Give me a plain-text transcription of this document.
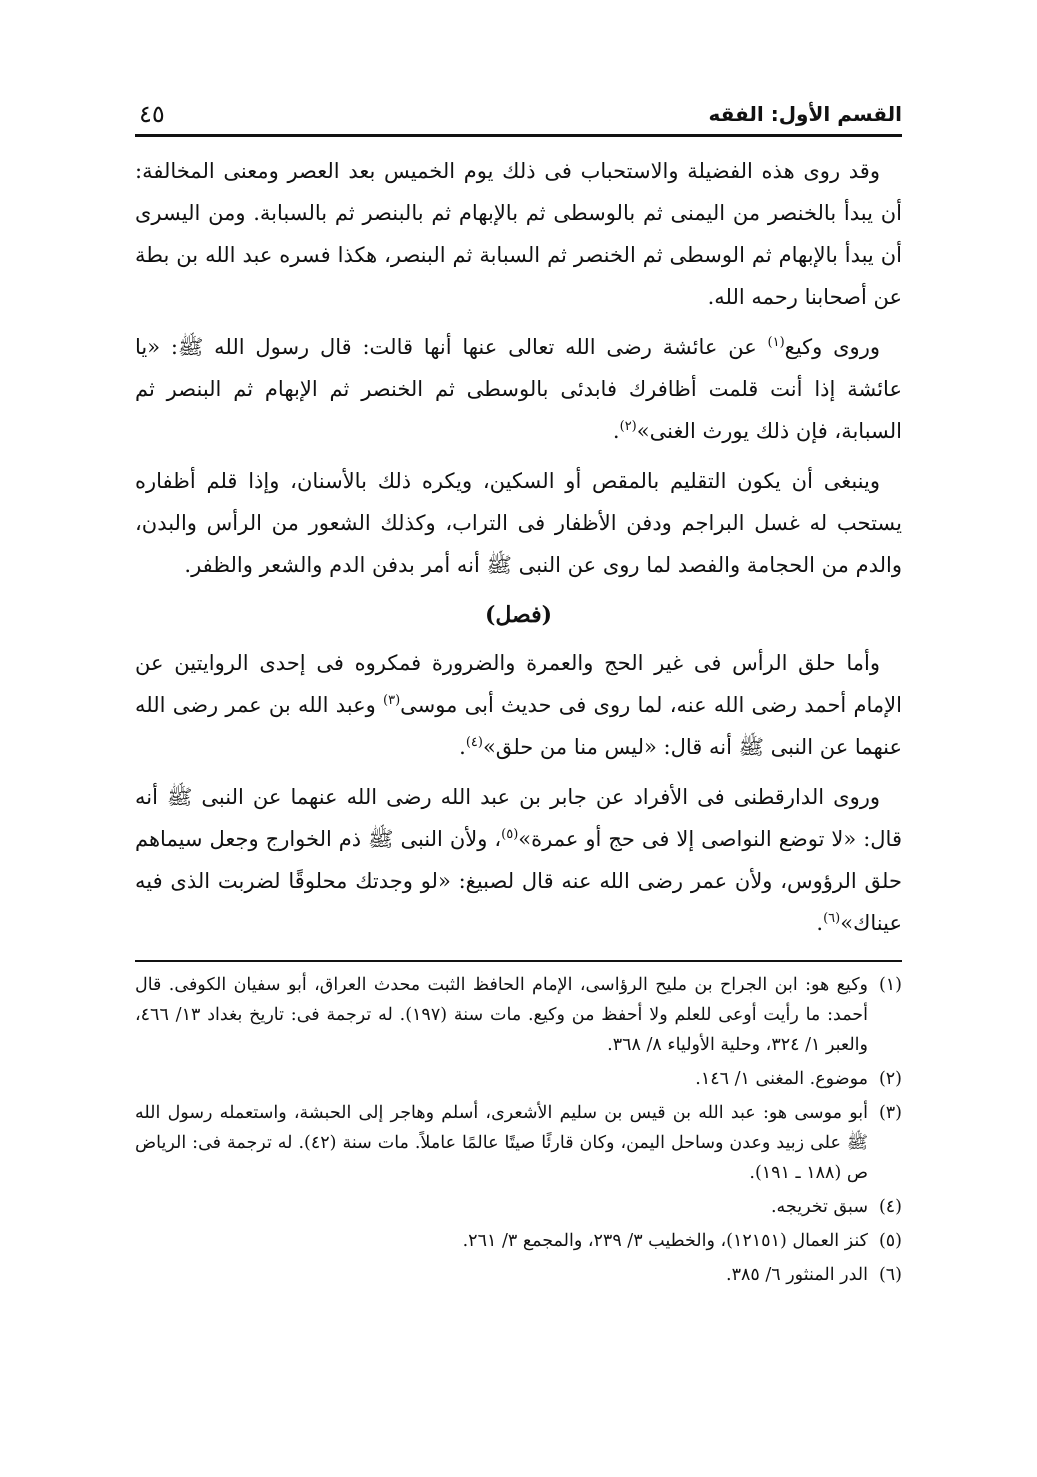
القسم الأول: الفقه
٤٥

وقد روى هذه الفضيلة والاستحباب فى ذلك يوم الخميس بعد العصر ومعنى المخالفة: أن يبدأ بالخنصر من اليمنى ثم بالوسطى ثم بالإبهام ثم بالبنصر ثم بالسبابة. ومن اليسرى أن يبدأ بالإبهام ثم الوسطى ثم الخنصر ثم السبابة ثم البنصر، هكذا فسره عبد الله بن بطة عن أصحابنا رحمه الله.

وروى وكيع$^{(١)}$ عن عائشة رضى الله تعالى عنها أنها قالت: قال رسول الله ﷺ: «يا عائشة إذا أنت قلمت أظافرك فابدئى بالوسطى ثم الخنصر ثم الإبهام ثم البنصر ثم السبابة، فإن ذلك يورث الغنى»$^{(٢)}$.

وينبغى أن يكون التقليم بالمقص أو السكين، ويكره ذلك بالأسنان، وإذا قلم أظفاره يستحب له غسل البراجم ودفن الأظفار فى التراب، وكذلك الشعور من الرأس والبدن، والدم من الحجامة والفصد لما روى عن النبى ﷺ أنه أمر بدفن الدم والشعر والظفر.

(فصل)

وأما حلق الرأس فى غير الحج والعمرة والضرورة فمكروه فى إحدى الروايتين عن الإمام أحمد رضى الله عنه، لما روى فى حديث أبى موسى$^{(٣)}$ وعبد الله بن عمر رضى الله عنهما عن النبى ﷺ أنه قال: «ليس منا من حلق»$^{(٤)}$.

وروى الدارقطنى فى الأفراد عن جابر بن عبد الله رضى الله عنهما عن النبى ﷺ أنه قال: «لا توضع النواصى إلا فى حج أو عمرة»$^{(٥)}$، ولأن النبى ﷺ ذم الخوارج وجعل سيماهم حلق الرؤوس، ولأن عمر رضى الله عنه قال لصبيغ: «لو وجدتك محلوقًا لضربت الذى فيه عيناك»$^{(٦)}$.

(١)
وكيع هو: ابن الجراح بن مليح الرؤاسى، الإمام الحافظ الثبت محدث العراق، أبو سفيان الكوفى. قال أحمد: ما رأيت أوعى للعلم ولا أحفظ من وكيع. مات سنة (١٩٧). له ترجمة فى: تاريخ بغداد ١٣/ ٤٦٦، والعبر ١/ ٣٢٤، وحلية الأولياء ٨/ ٣٦٨.
(٢)
موضوع. المغنى ١/ ١٤٦.
(٣)
أبو موسى هو: عبد الله بن قيس بن سليم الأشعرى، أسلم وهاجر إلى الحبشة، واستعمله رسول الله ﷺ على زبيد وعدن وساحل اليمن، وكان قارئًا صيتًا عالمًا عاملاً. مات سنة (٤٢). له ترجمة فى: الرياض ص (١٨٨ ـ ١٩١).
(٤)
سبق تخريجه.
(٥)
كنز العمال (١٢١٥١)، والخطيب ٣/ ٢٣٩، والمجمع ٣/ ٢٦١.
(٦)
الدر المنثور ٦/ ٣٨٥.
